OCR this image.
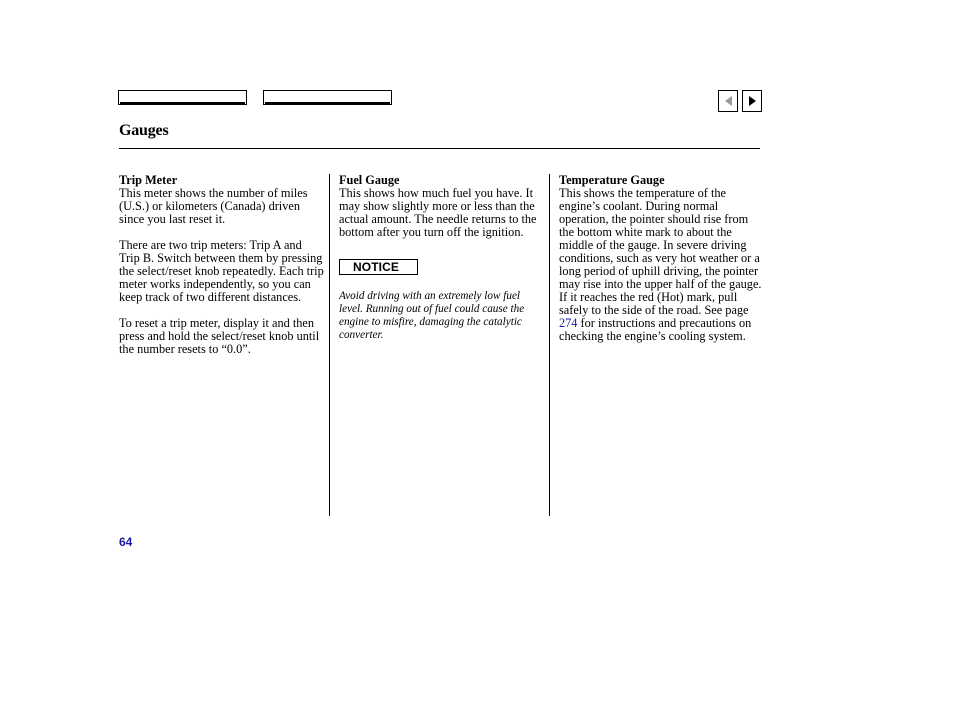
Gauges
Trip Meter

This meter shows the number of miles (U.S.) or kilometers (Canada) driven since you last reset it.

There are two trip meters: Trip A and Trip B. Switch between them by pressing the select/reset knob repeatedly. Each trip meter works independently, so you can keep track of two different distances.

To reset a trip meter, display it and then press and hold the select/reset knob until the number resets to “0.0”.

Fuel Gauge

This shows how much fuel you have. It may show slightly more or less than the actual amount. The needle returns to the bottom after you turn off the ignition.

NOTICE
Avoid driving with an extremely low fuel level. Running out of fuel could cause the engine to misfire, damaging the catalytic converter.
Temperature Gauge

This shows the temperature of the engine’s coolant. During normal operation, the pointer should rise from the bottom white mark to about the middle of the gauge. In severe driving conditions, such as very hot weather or a long period of uphill driving, the pointer may rise into the upper half of the gauge. If it reaches the red (Hot) mark, pull safely to the side of the road. See page 274 for instructions and precautions on checking the engine’s cooling system.

64
